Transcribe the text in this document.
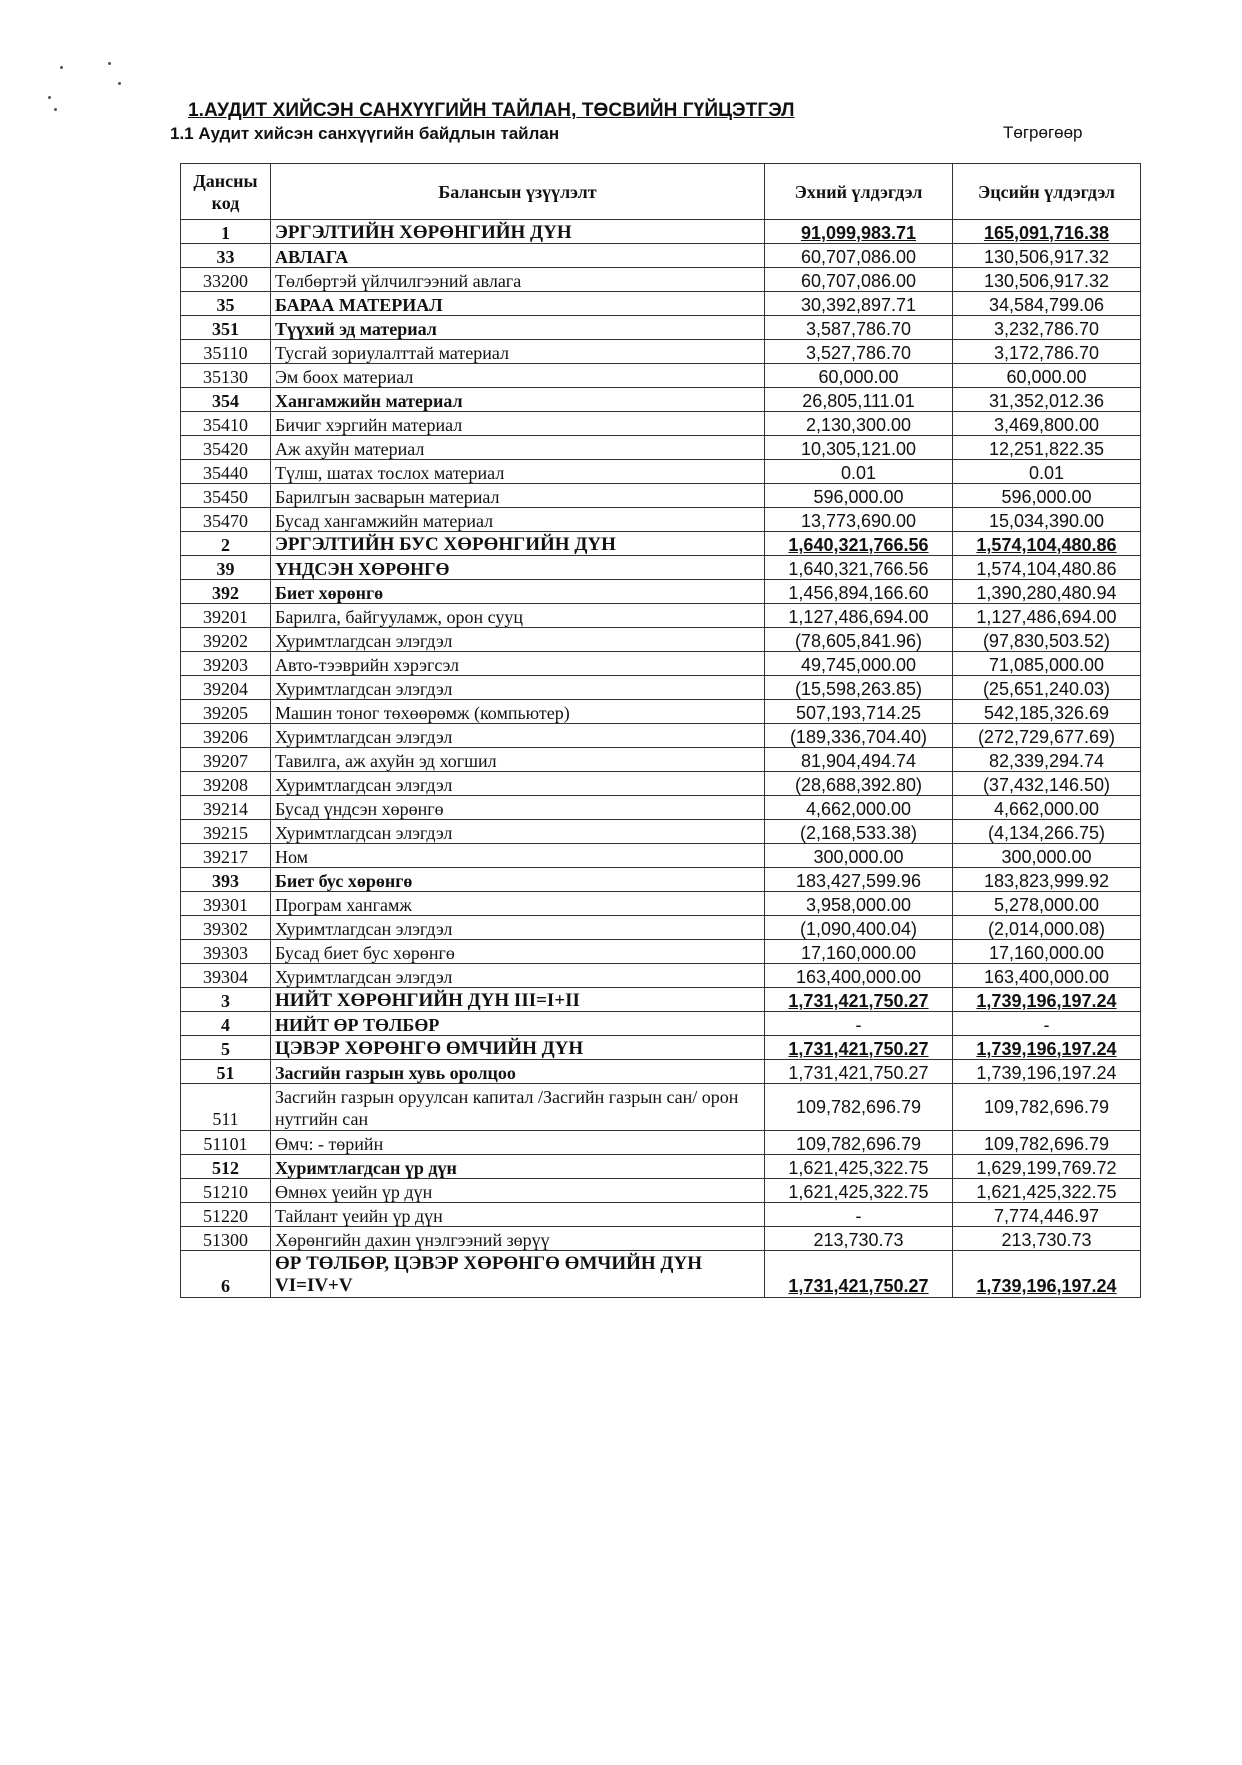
1.АУДИТ ХИЙСЭН САНХҮҮГИЙН ТАЙЛАН, ТӨСВИЙН ГҮЙЦЭТГЭЛ
1.1 Аудит хийсэн санхүүгийн байдлын тайлан	Төгрөгөөр
Дансны код	Балансын үзүүлэлт	Эхний үлдэгдэл	Эцсийн үлдэгдэл
1	ЭРГЭЛТИЙН ХӨРӨНГИЙН ДҮН	91,099,983.71	165,091,716.38
33	АВЛАГА	60,707,086.00	130,506,917.32
33200	Төлбөртэй үйлчилгээний авлага	60,707,086.00	130,506,917.32
35	БАРАА МАТЕРИАЛ	30,392,897.71	34,584,799.06
351	Түүхий эд материал	3,587,786.70	3,232,786.70
35110	Тусгай зориулалттай материал	3,527,786.70	3,172,786.70
35130	Эм боох материал	60,000.00	60,000.00
354	Хангамжийн материал	26,805,111.01	31,352,012.36
35410	Бичиг хэргийн материал	2,130,300.00	3,469,800.00
35420	Аж ахуйн материал	10,305,121.00	12,251,822.35
35440	Түлш, шатах тослох материал	0.01	0.01
35450	Барилгын засварын материал	596,000.00	596,000.00
35470	Бусад хангамжийн материал	13,773,690.00	15,034,390.00
2	ЭРГЭЛТИЙН БУС ХӨРӨНГИЙН ДҮН	1,640,321,766.56	1,574,104,480.86
39	ҮНДСЭН ХӨРӨНГӨ	1,640,321,766.56	1,574,104,480.86
392	Биет хөрөнгө	1,456,894,166.60	1,390,280,480.94
39201	Барилга, байгууламж, орон сууц	1,127,486,694.00	1,127,486,694.00
39202	Хуримтлагдсан элэгдэл	(78,605,841.96)	(97,830,503.52)
39203	Авто-тээврийн хэрэгсэл	49,745,000.00	71,085,000.00
39204	Хуримтлагдсан элэгдэл	(15,598,263.85)	(25,651,240.03)
39205	Машин тоног төхөөрөмж (компьютер)	507,193,714.25	542,185,326.69
39206	Хуримтлагдсан элэгдэл	(189,336,704.40)	(272,729,677.69)
39207	Тавилга, аж ахуйн эд хогшил	81,904,494.74	82,339,294.74
39208	Хуримтлагдсан элэгдэл	(28,688,392.80)	(37,432,146.50)
39214	Бусад үндсэн хөрөнгө	4,662,000.00	4,662,000.00
39215	Хуримтлагдсан элэгдэл	(2,168,533.38)	(4,134,266.75)
39217	Ном	300,000.00	300,000.00
393	Биет бус хөрөнгө	183,427,599.96	183,823,999.92
39301	Програм хангамж	3,958,000.00	5,278,000.00
39302	Хуримтлагдсан элэгдэл	(1,090,400.04)	(2,014,000.08)
39303	Бусад биет бус хөрөнгө	17,160,000.00	17,160,000.00
39304	Хуримтлагдсан элэгдэл	163,400,000.00	163,400,000.00
3	НИЙТ ХӨРӨНГИЙН ДҮН III=I+II	1,731,421,750.27	1,739,196,197.24
4	НИЙТ ӨР ТӨЛБӨР	-	-
5	ЦЭВЭР ХӨРӨНГӨ ӨМЧИЙН ДҮН	1,731,421,750.27	1,739,196,197.24
51	Засгийн газрын хувь оролцоо	1,731,421,750.27	1,739,196,197.24
511	Засгийн газрын оруулсан капитал /Засгийн газрын сан/ орон нутгийн сан	109,782,696.79	109,782,696.79
51101	Өмч: - төрийн	109,782,696.79	109,782,696.79
512	Хуримтлагдсан үр дүн	1,621,425,322.75	1,629,199,769.72
51210	Өмнөх үеийн үр дүн	1,621,425,322.75	1,621,425,322.75
51220	Тайлант үеийн үр дүн	-	7,774,446.97
51300	Хөрөнгийн дахин үнэлгээний зөрүү	213,730.73	213,730.73
6	ӨР ТӨЛБӨР, ЦЭВЭР ХӨРӨНГӨ ӨМЧИЙН ДҮН VI=IV+V	1,731,421,750.27	1,739,196,197.24
